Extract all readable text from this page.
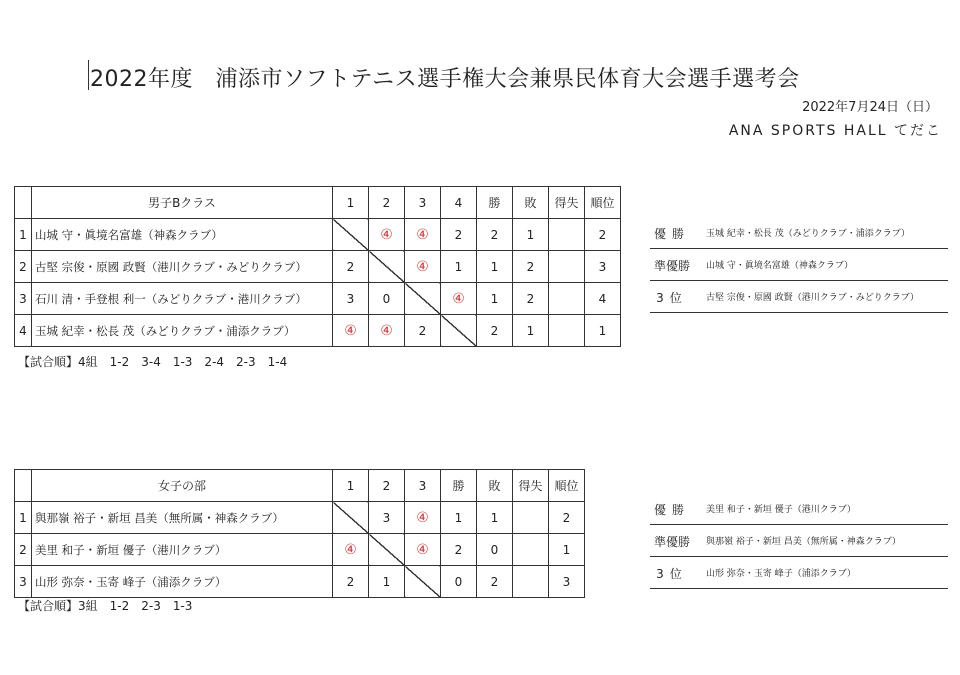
2022年度　浦添市ソフトテニス選手権大会兼県民体育大会選手選考会
2022年7月24日（日）
ANA SPORTS HALL てだこ
	男子Bクラス	1	2	3	4	勝	敗	得失	順位
1	山城 守・眞境名富雄（神森クラブ）		④	④	2	2	1		2
2	古堅 宗俊・原國 政賢（港川クラブ・みどりクラブ）	2		④	1	1	2		3
3	石川 清・手登根 利一（みどりクラブ・港川クラブ）	3	0		④	1	2		4
4	玉城 紀幸・松長 茂（みどりクラブ・浦添クラブ）	④	④	2		2	1		1
【試合順】4組　1-2　3-4　1-3　2-4　2-3　1-4
優勝	玉城 紀幸・松長 茂（みどりクラブ・浦添クラブ）
準優勝	山城 守・眞境名富雄（神森クラブ）
3位	古堅 宗俊・原國 政賢（港川クラブ・みどりクラブ）
	女子の部	1	2	3	勝	敗	得失	順位
1	與那嶺 裕子・新垣 昌美（無所属・神森クラブ）		3	④	1	1		2
2	美里 和子・新垣 優子（港川クラブ）	④		④	2	0		1
3	山形 弥奈・玉寄 峰子（浦添クラブ）	2	1		0	2		3
【試合順】3組　1-2　2-3　1-3
優勝	美里 和子・新垣 優子（港川クラブ）
準優勝	與那嶺 裕子・新垣 昌美（無所属・神森クラブ）
3位	山形 弥奈・玉寄 峰子（浦添クラブ）
